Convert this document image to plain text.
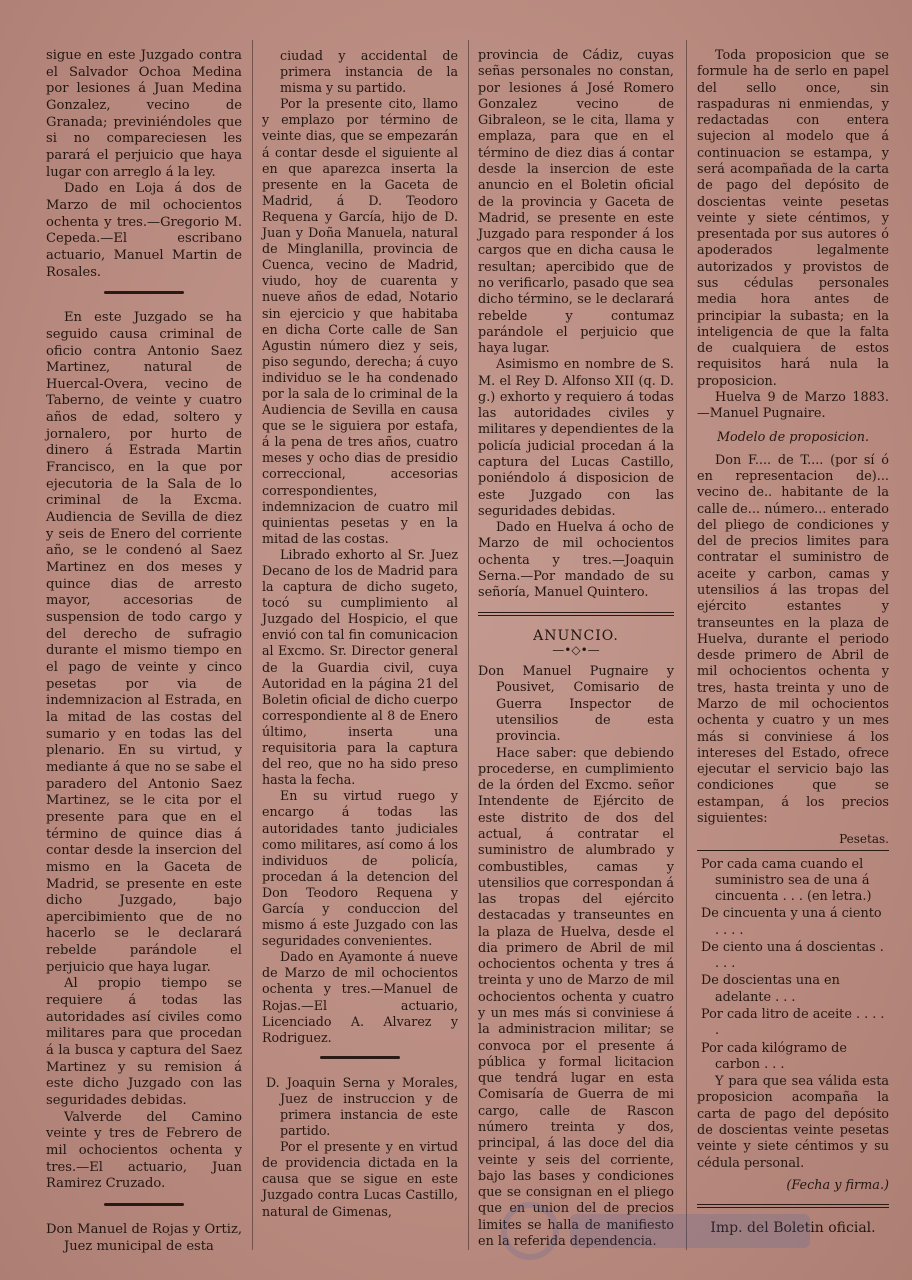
sigue en este Juzgado contra el Salvador Ochoa Medina por lesiones á Juan Medina Gonzalez, vecino de Granada; previniéndoles que si no compareciesen les parará el perjuicio que haya lugar con arreglo á la ley.

Dado en Loja á dos de Marzo de mil ochocientos ochenta y tres.—Gregorio M. Cepeda.—El escribano actuario, Manuel Martin de Rosales.

En este Juzgado se ha seguido causa criminal de oficio contra Antonio Saez Martinez, natural de Huercal-Overa, vecino de Taberno, de veinte y cuatro años de edad, soltero y jornalero, por hurto de dinero á Estrada Martin Francisco, en la que por ejecutoria de la Sala de lo criminal de la Excma. Audiencia de Sevilla de diez y seis de Enero del corriente año, se le condenó al Saez Martinez en dos meses y quince dias de arresto mayor, accesorias de suspension de todo cargo y del derecho de sufragio durante el mismo tiempo en el pago de veinte y cinco pesetas por via de indemnizacion al Estrada, en la mitad de las costas del sumario y en todas las del plenario. En su virtud, y mediante á que no se sabe el paradero del Antonio Saez Martinez, se le cita por el presente para que en el término de quince dias á contar desde la insercion del mismo en la Gaceta de Madrid, se presente en este dicho Juzgado, bajo apercibimiento que de no hacerlo se le declarará rebelde parándole el perjuicio que haya lugar.

Al propio tiempo se requiere á todas las autoridades así civiles como militares para que procedan á la busca y captura del Saez Martinez y su remision á este dicho Juzgado con las seguridades debidas.

Valverde del Camino veinte y tres de Febrero de mil ochocientos ochenta y tres.—El actuario, Juan Ramirez Cruzado.

Don Manuel de Rojas y Ortiz, Juez municipal de esta

ciudad y accidental de primera instancia de la misma y su partido.

Por la presente cito, llamo y emplazo por término de veinte dias, que se empezarán á contar desde el siguiente al en que aparezca inserta la presente en la Gaceta de Madrid, á D. Teodoro Requena y García, hijo de D. Juan y Doña Manuela, natural de Minglanilla, provincia de Cuenca, vecino de Madrid, viudo, hoy de cuarenta y nueve años de edad, Notario sin ejercicio y que habitaba en dicha Corte calle de San Agustin número diez y seis, piso segundo, derecha; á cuyo individuo se le ha condenado por la sala de lo criminal de la Audiencia de Sevilla en causa que se le siguiera por estafa, á la pena de tres años, cuatro meses y ocho dias de presidio correccional, accesorias correspondientes, indemnizacion de cuatro mil quinientas pesetas y en la mitad de las costas.

Librado exhorto al Sr. Juez Decano de los de Madrid para la captura de dicho sugeto, tocó su cumplimiento al Juzgado del Hospicio, el que envió con tal fin comunicacion al Excmo. Sr. Director general de la Guardia civil, cuya Autoridad en la página 21 del Boletin oficial de dicho cuerpo correspondiente al 8 de Enero último, inserta una requisitoria para la captura del reo, que no ha sido preso hasta la fecha.

En su virtud ruego y encargo á todas las autoridades tanto judiciales como militares, así como á los individuos de policía, procedan á la detencion del Don Teodoro Requena y García y conduccion del mismo á este Juzgado con las seguridades convenientes.

Dado en Ayamonte á nueve de Marzo de mil ochocientos ochenta y tres.—Manuel de Rojas.—El actuario, Licenciado A. Alvarez y Rodriguez.

D. Joaquin Serna y Morales, Juez de instruccion y de primera instancia de este partido.

Por el presente y en virtud de providencia dictada en la causa que se sigue en este Juzgado contra Lucas Castillo, natural de Gimenas,

provincia de Cádiz, cuyas señas personales no constan, por lesiones á José Romero Gonzalez vecino de Gibraleon, se le cita, llama y emplaza, para que en el término de diez dias á contar desde la insercion de este anuncio en el Boletin oficial de la provincia y Gaceta de Madrid, se presente en este Juzgado para responder á los cargos que en dicha causa le resultan; apercibido que de no verificarlo, pasado que sea dicho término, se le declarará rebelde y contumaz parándole el perjuicio que haya lugar.

Asimismo en nombre de S. M. el Rey D. Alfonso XII (q. D. g.) exhorto y requiero á todas las autoridades civiles y militares y dependientes de la policía judicial procedan á la captura del Lucas Castillo, poniéndolo á disposicion de este Juzgado con las seguridades debidas.

Dado en Huelva á ocho de Marzo de mil ochocientos ochenta y tres.—Joaquin Serna.—Por mandado de su señoría, Manuel Quintero.

ANUNCIO.
—•◇•—

Don Manuel Pugnaire y Pousivet, Comisario de Guerra Inspector de utensilios de esta provincia.

Hace saber: que debiendo procederse, en cumplimiento de la órden del Excmo. señor Intendente de Ejército de este distrito de dos del actual, á contratar el suministro de alumbrado y combustibles, camas y utensilios que correspondan á las tropas del ejército destacadas y transeuntes en la plaza de Huelva, desde el dia primero de Abril de mil ochocientos ochenta y tres á treinta y uno de Marzo de mil ochocientos ochenta y cuatro y un mes más si conviniese á la administracion militar; se convoca por el presente á pública y formal licitacion que tendrá lugar en esta Comisaría de Guerra de mi cargo, calle de Rascon número treinta y dos, principal, á las doce del dia veinte y seis del corriente, bajo las bases y condiciones que se consignan en el pliego que en union del de precios limites se halla de manifiesto en la referida dependencia.

Toda proposicion que se formule ha de serlo en papel del sello once, sin raspaduras ni enmiendas, y redactadas con entera sujecion al modelo que á continuacion se estampa, y será acompañada de la carta de pago del depósito de doscientas veinte pesetas veinte y siete céntimos, y presentada por sus autores ó apoderados legalmente autorizados y provistos de sus cédulas personales media hora antes de principiar la subasta; en la inteligencia de que la falta de cualquiera de estos requisitos hará nula la proposicion.

Huelva 9 de Marzo 1883.—Manuel Pugnaire.

Modelo de proposicion.

Don F.... de T.... (por sí ó en representacion de)... vecino de.. habitante de la calle de... número... enterado del pliego de condiciones y del de precios limites para contratar el suministro de aceite y carbon, camas y utensilios á las tropas del ejército estantes y transeuntes en la plaza de Huelva, durante el periodo desde primero de Abril de mil ochocientos ochenta y tres, hasta treinta y uno de Marzo de mil ochocientos ochenta y cuatro y un mes más si conviniese á los intereses del Estado, ofrece ejecutar el servicio bajo las condiciones que se estampan, á los precios siguientes:

Pesetas.

Por cada cama cuando el suministro sea de una á cincuenta . . . (en letra.)

De cincuenta y una á ciento . . . .

De ciento una á doscientas . . . .

De doscientas una en adelante . . .

Por cada litro de aceite . . . . .

Por cada kilógramo de carbon . . .

Y para que sea válida esta proposicion acompaña la carta de pago del depósito de doscientas veinte pesetas veinte y siete céntimos y su cédula personal.

(Fecha y firma.)

Imp. del Boletin oficial.
